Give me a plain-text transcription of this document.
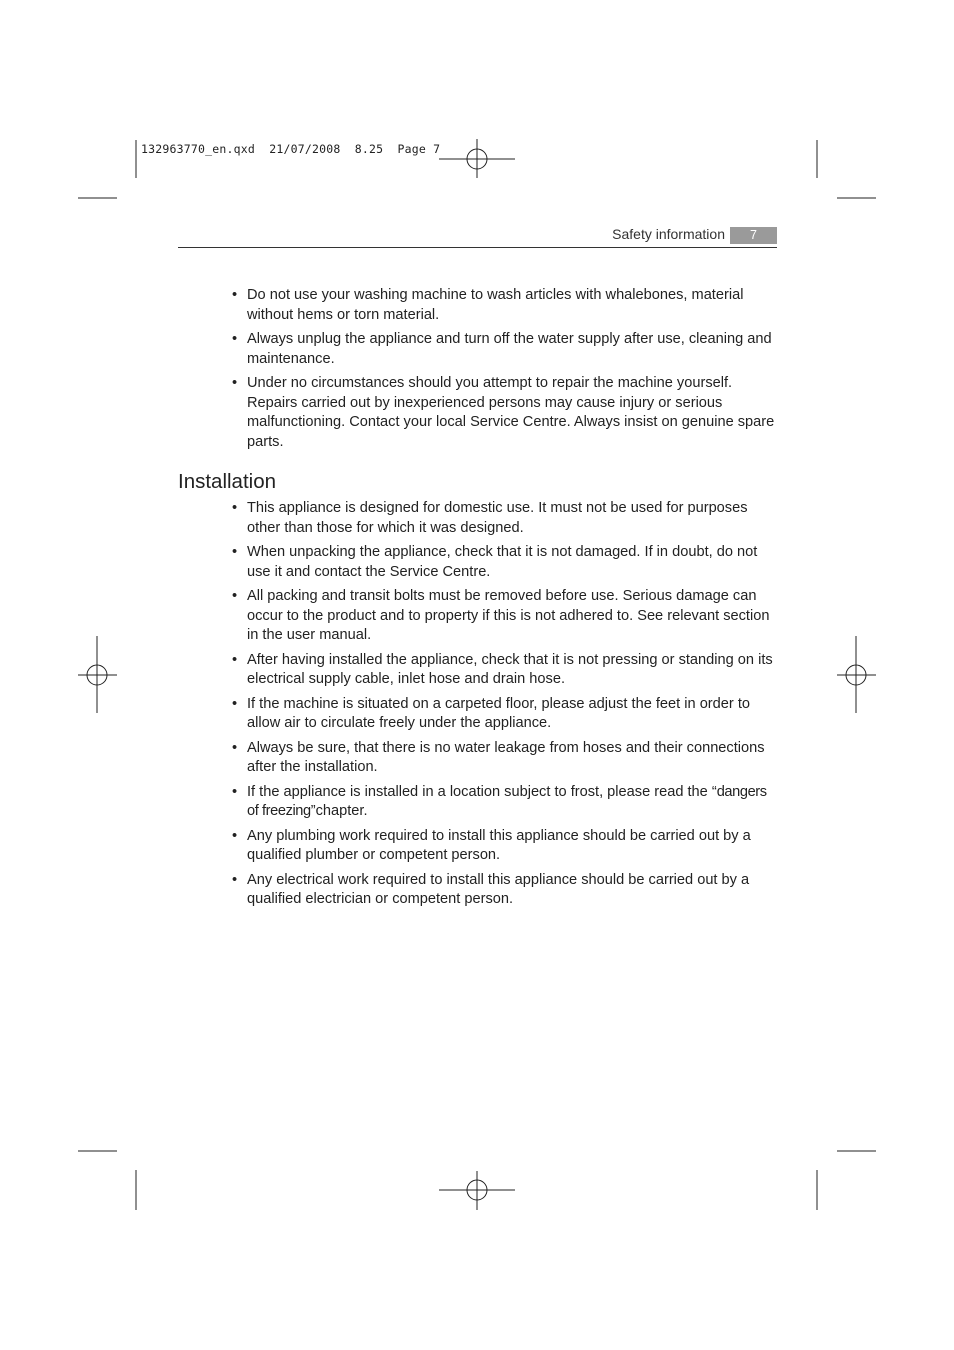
132963770_en.qxd  21/07/2008  8.25  Page 7
Safety information	7
• Do not use your washing machine to wash articles with whalebones, material without hems or torn material.
• Always unplug the appliance and turn off the water supply after use, cleaning and maintenance.
• Under no circumstances should you attempt to repair the machine yourself. Repairs carried out by inexperienced persons may cause injury or serious malfunctioning. Contact your local Service Centre. Always insist on genuine spare parts.
Installation
• This appliance is designed for domestic use. It must not be used for purposes other than those for which it was designed.
• When unpacking the appliance, check that it is not damaged. If in doubt, do not use it and contact the Service Centre.
• All packing and transit bolts must be removed before use. Serious damage can occur to the product and to property if this is not adhered to. See relevant section in the user manual.
• After having installed the appliance, check that it is not pressing or standing on its electrical supply cable, inlet hose and drain hose.
• If the machine is situated on a carpeted floor, please adjust the feet in order to allow air to circulate freely under the appliance.
• Always be sure, that there is no water leakage from hoses and their connections after the installation.
• If the appliance is installed in a location subject to frost, please read the “dangers of freezing”chapter.
• Any plumbing work required to install this appliance should be carried out by a qualified plumber or competent person.
• Any electrical work required to install this appliance should be carried out by a qualified electrician or competent person.
